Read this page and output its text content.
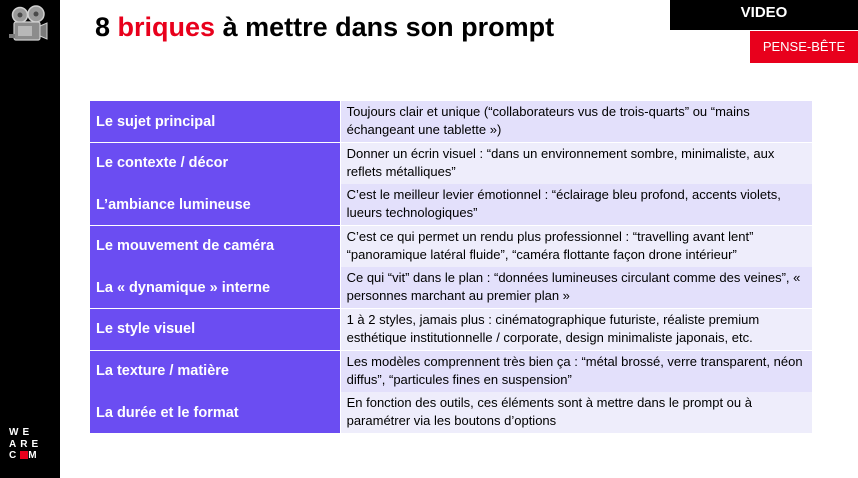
WE
ARE
C M
8 briques à mettre dans son prompt	VIDEO
PENSE-BÊTE
Le sujet principal
Toujours clair et unique (“collaborateurs vus de trois-quarts” ou “mains échangeant une tablette »)
Le contexte / décor
Donner un écrin visuel : “dans un environnement sombre, minimaliste, aux reflets métalliques”
L’ambiance lumineuse
C’est le meilleur levier émotionnel : “éclairage bleu profond, accents violets, lueurs technologiques”
Le mouvement de caméra
C’est ce qui permet un rendu plus professionnel : “travelling avant lent” “panoramique latéral fluide”, “caméra flottante façon drone intérieur”
La « dynamique » interne
Ce qui “vit” dans le plan : “données lumineuses circulant comme des veines”, « personnes marchant au premier plan »
Le style visuel
1 à 2 styles, jamais plus : cinématographique futuriste, réaliste premium esthétique institutionnelle / corporate, design minimaliste japonais, etc.
La texture / matière
Les modèles comprennent très bien ça : “métal brossé, verre transparent, néon diffus”, “particules fines en suspension”
La durée et le format
En fonction des outils, ces éléments sont à mettre dans le prompt ou à paramétrer via les boutons d’options
